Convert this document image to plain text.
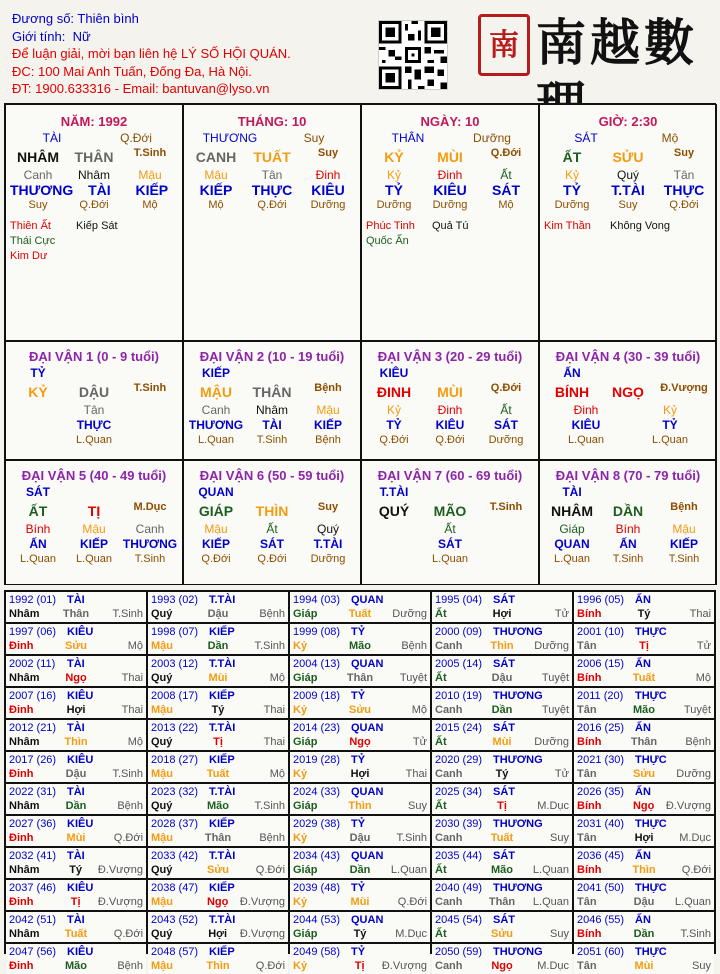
Đương số: Thiên bình
Giới tính: Nữ
Để luận giải, mời bạn liên hệ LÝ SỐ HỘI QUÁN.
ĐC: 100 Mai Anh Tuấn, Đống Đa, Hà Nội.
ĐT: 1900.633316 - Email: bantuvan@lyso.vn
南 南越數
NĂM: 1992
TÀI	Q.Đới
NHÂM	THÂN	T.Sinh
Canh	Nhâm	Mậu
THƯƠNG	TÀI	KIẾP
Suy	Q.Đới	Mộ
Thiên Ất
Thái Cực
Kim Dư
Kiếp Sát
THÁNG: 10
THƯƠNG	Suy
CANH	TUẤT	Suy
Mậu	Tân	Đinh
KIẾP	THỰC	KIÊU
Mộ	Q.Đới	Dưỡng
NGÀY: 10
THÂN	Dưỡng
KỶ	MÙI	Q.Đới
Kỷ	Đinh	Ất
TỶ	KIÊU	SÁT
Dưỡng	Dưỡng	Mộ
Phúc Tinh
Quốc Ấn
Quả Tú
GIỜ: 2:30
SÁT	Mộ
ẤT	SỬU	Suy
Kỷ	Quý	Tân
TỶ	T.TÀI	THỰC
Dưỡng	Suy	Q.Đới
Kim Thần	Không Vong
ĐẠI VẬN 1 (0 - 9 tuổi)
TỶ
KỶ	DẬU	T.Sinh
Tân
THỰC
L.Quan
ĐẠI VẬN 2 (10 - 19 tuổi)
KIẾP
MẬU	THÂN	Bệnh
Canh	Nhâm	Mậu
THƯƠNG	TÀI	KIẾP
L.Quan	T.Sinh	Bệnh
ĐẠI VẬN 3 (20 - 29 tuổi)
KIÊU
ĐINH	MÙI	Q.Đới
Kỷ	Đinh	Ất
TỶ	KIÊU	SÁT
Q.Đới	Q.Đới	Dưỡng
ĐẠI VẬN 4 (30 - 39 tuổi)
ẤN
BÍNH	NGỌ	Đ.Vượng
Đinh	Kỷ
KIÊU	TỶ
L.Quan	L.Quan
ĐẠI VẬN 5 (40 - 49 tuổi)
SÁT
ẤT	TỊ	M.Dục
Bính	Mậu	Canh
ẤN	KIẾP	THƯƠNG
L.Quan	L.Quan	T.Sinh
ĐẠI VẬN 6 (50 - 59 tuổi)
QUAN
GIÁP	THÌN	Suy
Mậu	Ất	Quý
KIẾP	SÁT	T.TÀI
Q.Đới	Q.Đới	Dưỡng
ĐẠI VẬN 7 (60 - 69 tuổi)
T.TÀI
QUÝ	MÃO	T.Sinh
Ất
SÁT
L.Quan
ĐẠI VẬN 8 (70 - 79 tuổi)
TÀI
NHÂM	DẦN	Bệnh
Giáp	Bính	Mậu
QUAN	ẤN	KIẾP
L.Quan	T.Sinh	T.Sinh
1992 (01) TÀI
Nhâm	Thân	T.Sinh
1993 (02) T.TÀI
Quý	Dậu	Bệnh
1994 (03) QUAN
Giáp	Tuất	Dưỡng
1995 (04) SÁT
Ất	Hợi	Tử
1996 (05) ẤN
Bính	Tý	Thai
1997 (06) KIÊU
Đinh	Sửu	Mộ
1998 (07) KIẾP
Mậu	Dần	T.Sinh
1999 (08) TỶ
Kỷ	Mão	Bệnh
2000 (09) THƯƠNG
Canh	Thìn	Dưỡng
2001 (10) THỰC
Tân	Tị	Tử
2002 (11)	TÀI
Nhâm	Ngọ	Thai
2003 (12) T.TÀI
Quý	Mùi	Mộ
2004 (13) QUAN
Giáp	Thân	Tuyệt
2005 (14) SÁT
Ất	Dậu	Tuyệt
2006 (15) ẤN
Bính	Tuất	Mộ
2007 (16) KIÊU
Đinh	Hợi	Thai
2008 (17) KIẾP
Mậu	Tý	Thai
2009 (18) TỶ
Kỷ	Sửu	Mộ
2010 (19) THƯƠNG
Canh	Dần	Tuyệt
2011 (20)	THỰC
Tân	Mão	Tuyệt
2012 (21) TÀI
Nhâm	Thìn	Mộ
2013 (22) T.TÀI
Quý	Tị	Thai
2014 (23) QUAN
Giáp	Ngọ	Tử
2015 (24) SÁT
Ất	Mùi	Dưỡng
2016 (25) ẤN
Bính	Thân	Bệnh
2017 (26) KIÊU
Đinh	Dậu	T.Sinh
2018 (27) KIẾP
Mậu	Tuất	Mộ
2019 (28) TỶ
Kỷ	Hợi	Thai
2020 (29) THƯƠNG
Canh	Tý	Tử
2021 (30) THỰC
Tân	Sửu	Dưỡng
2022 (31) TÀI
Nhâm	Dần	Bệnh
2023 (32) T.TÀI
Quý	Mão	T.Sinh
2024 (33) QUAN
Giáp	Thìn	Suy
2025 (34) SÁT
Ất	Tị	M.Dục
2026 (35) ẤN
Bính	Ngọ	Đ.Vượng
2027 (36) KIÊU
Đinh	Mùi	Q.Đới
2028 (37) KIẾP
Mậu	Thân	Bệnh
2029 (38) TỶ
Kỷ	Dậu	T.Sinh
2030 (39) THƯƠNG
Canh	Tuất	Suy
2031 (40) THỰC
Tân	Hợi	M.Dục
2032 (41) TÀI
Nhâm	Tý	Đ.Vượng
2033 (42) T.TÀI
Quý	Sửu	Q.Đới
2034 (43) QUAN
Giáp	Dần	L.Quan
2035 (44) SÁT
Ất	Mão	L.Quan
2036 (45) ẤN
Bính	Thìn	Q.Đới
2037 (46) KIÊU
Đinh	Tị	Đ.Vượng
2038 (47) KIẾP
Mậu	Ngọ	Đ.Vượng
2039 (48) TỶ
Kỷ	Mùi	Q.Đới
2040 (49) THƯƠNG
Canh	Thân	L.Quan
2041 (50) THỰC
Tân	Dậu	L.Quan
2042 (51) TÀI
Nhâm	Tuất	Q.Đới
2043 (52) T.TÀI
Quý	Hợi	Đ.Vượng
2044 (53) QUAN
Giáp	Tý	M.Dục
2045 (54) SÁT
Ất	Sửu	Suy
2046 (55) ẤN
Bính	Dần	T.Sinh
2047 (56) KIÊU
Đinh	Mão	Bệnh
2048 (57) KIẾP
Mậu	Thìn	Q.Đới
2049 (58) TỶ
Kỷ	Tị	Đ.Vượng
2050 (59) THƯƠNG
Canh	Ngọ	M.Dục
2051 (60) THỰC
Tân	Mùi	Suy
